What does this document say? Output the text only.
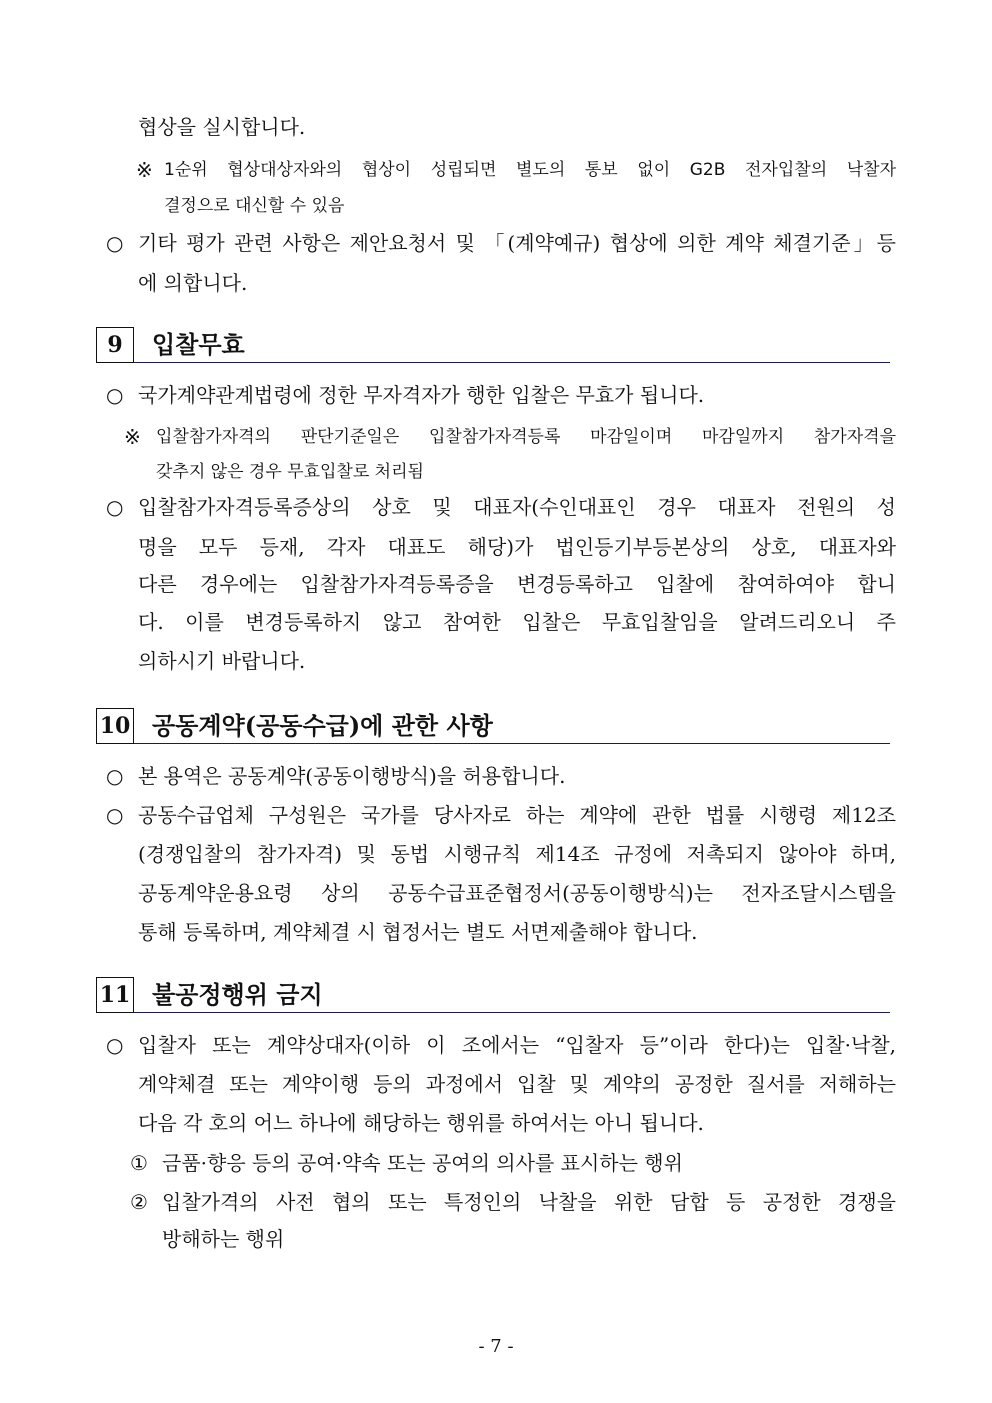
협상을 실시합니다.
※ 1순위 협상대상자와의 협상이 성립되면 별도의 통보 없이 G2B 전자입찰의 낙찰자
결정으로 대신할 수 있음
○ 기타 평가 관련 사항은 제안요청서 및 「(계약예규) 협상에 의한 계약 체결기준」등
에 의합니다.
9	입찰무효
○ 국가계약관계법령에 정한 무자격자가 행한 입찰은 무효가 됩니다.
※ 입찰참가자격의 판단기준일은 입찰참가자격등록 마감일이며 마감일까지 참가자격을
갖추지 않은 경우 무효입찰로 처리됨
○ 입찰참가자격등록증상의 상호 및 대표자(수인대표인 경우 대표자 전원의 성
명을 모두 등재, 각자 대표도 해당)가 법인등기부등본상의 상호, 대표자와
다른 경우에는 입찰참가자격등록증을 변경등록하고 입찰에 참여하여야 합니
다. 이를 변경등록하지 않고 참여한 입찰은 무효입찰임을 알려드리오니 주
의하시기 바랍니다.
10 공동계약(공동수급)에 관한 사항
○ 본 용역은 공동계약(공동이행방식)을 허용합니다.
○ 공동수급업체 구성원은 국가를 당사자로 하는 계약에 관한 법률 시행령 제12조
(경쟁입찰의 참가자격) 및 동법 시행규칙 제14조 규정에 저촉되지 않아야 하며,
공동계약운용요령 상의 공동수급표준협정서(공동이행방식)는 전자조달시스템을
통해 등록하며, 계약체결 시 협정서는 별도 서면제출해야 합니다.
11 불공정행위 금지
○ 입찰자 또는 계약상대자(이하 이 조에서는 “입찰자 등”이라 한다)는 입찰·낙찰,
계약체결 또는 계약이행 등의 과정에서 입찰 및 계약의 공정한 질서를 저해하는
다음 각 호의 어느 하나에 해당하는 행위를 하여서는 아니 됩니다.
① 금품·향응 등의 공여·약속 또는 공여의 의사를 표시하는 행위
② 입찰가격의 사전 협의 또는 특정인의 낙찰을 위한 담합 등 공정한 경쟁을
방해하는 행위
- 7 -
